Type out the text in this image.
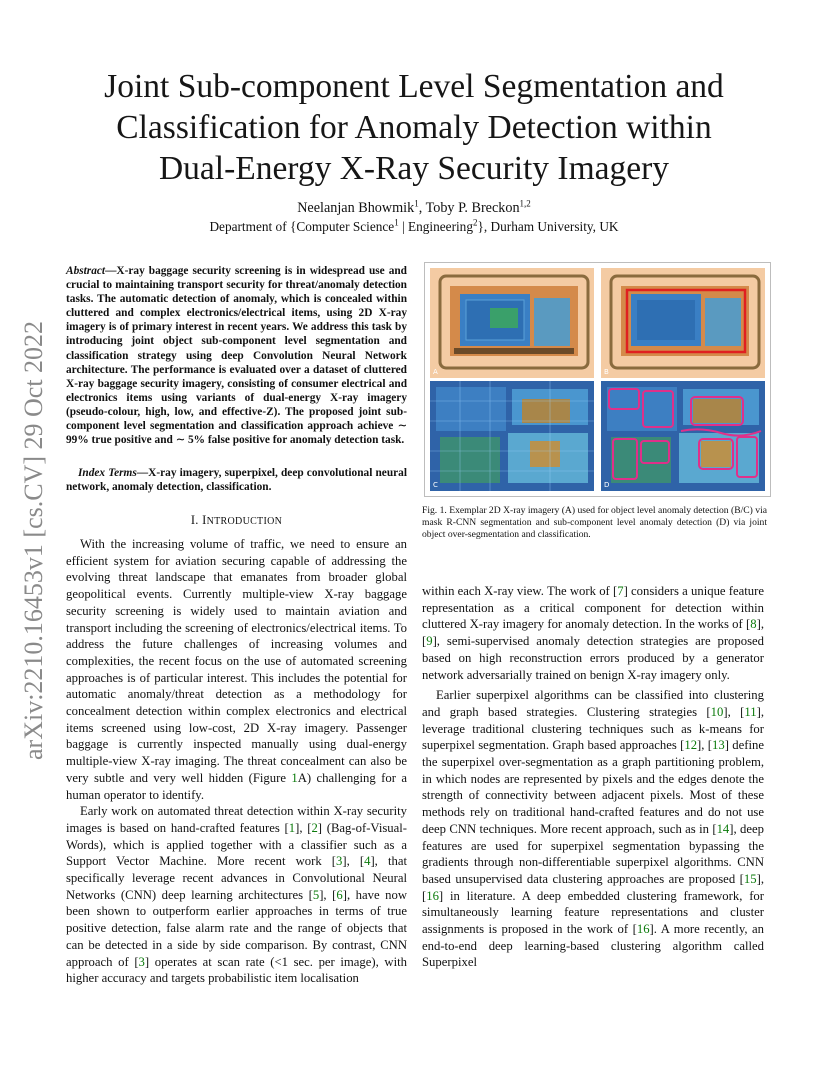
Joint Sub-component Level Segmentation and
Classification for Anomaly Detection within
Dual-Energy X-Ray Security Imagery
Neelanjan Bhowmik$^1$, Toby P. Breckon$^{1,2}$
Department of {Computer Science$^1$ | Engineering$^2$}, Durham University, UK
arXiv:2210.16453v1 [cs.CV] 29 Oct 2022
Abstract—X-ray baggage security screening is in widespread use and crucial to maintaining transport security for threat/anomaly detection tasks. The automatic detection of anomaly, which is concealed within cluttered and complex electronics/electrical items, using 2D X-ray imagery is of primary interest in recent years. We address this task by introducing joint object sub-component level segmentation and classification strategy using deep Convolution Neural Network architecture. The performance is evaluated over a dataset of cluttered X-ray baggage security imagery, consisting of consumer electrical and electronics items using variants of dual-energy X-ray imagery (pseudo-colour, high, low, and effective-Z). The proposed joint sub-component level segmentation and classification approach achieve ∼ 99% true positive and ∼ 5% false positive for anomaly detection task.
Index Terms—X-ray imagery, superpixel, deep convolutional neural network, anomaly detection, classification.
I. INTRODUCTION

With the increasing volume of traffic, we need to ensure an efficient system for aviation securing capable of addressing the evolving threat landscape that emanates from broader global geopolitical events. Currently multiple-view X-ray baggage security screening is widely used to maintain aviation and transport including the screening of electronics/electrical items. To address the future challenges of increasing volumes and complexities, the recent focus on the use of automated screening approaches is of particular interest. This includes the potential for automatic anomaly/threat detection as a methodology for concealment detection within complex electronics and electrical items screened using low-cost, 2D X-ray imagery. Passenger baggage is currently inspected manually using dual-energy multiple-view X-ray imaging. The threat concealment can also be very subtle and very well hidden (Figure 1A) challenging for a human operator to identify.

Early work on automated threat detection within X-ray security images is based on hand-crafted features [1], [2] (Bag-of-Visual-Words), which is applied together with a classifier such as a Support Vector Machine. More recent work [3], [4], that specifically leverage recent advances in Convolutional Neural Networks (CNN) deep learning architectures [5], [6], have now been shown to outperform earlier approaches in terms of true positive detection, false alarm rate and the range of objects that can be detected in a side by side comparison. By contrast, CNN approach of [3] operates at scan rate (<1 sec. per image), with higher accuracy and targets probabilistic item localisation

A	B
C	D
Fig. 1. Exemplar 2D X-ray imagery (A) used for object level anomaly detection (B/C) via mask R-CNN segmentation and sub-component level anomaly detection (D) via joint object over-segmentation and classification.

within each X-ray view. The work of [7] considers a unique feature representation as a critical component for detection within cluttered X-ray imagery for anomaly detection. In the works of [8], [9], semi-supervised anomaly detection strategies are proposed based on high reconstruction errors produced by a generator network adversarially trained on benign X-ray imagery only.

Earlier superpixel algorithms can be classified into clustering and graph based strategies. Clustering strategies [10], [11], leverage traditional clustering techniques such as k-means for superpixel segmentation. Graph based approaches [12], [13] define the superpixel over-segmentation as a graph partitioning problem, in which nodes are represented by pixels and the edges denote the strength of connectivity between adjacent pixels. Most of these methods rely on traditional hand-crafted features and do not use deep CNN techniques. More recent approach, such as in [14], deep features are used for superpixel segmentation bypassing the gradients through non-differentiable superpixel algorithms. CNN based unsupervised data clustering approaches are proposed [15], [16] in literature. A deep embedded clustering framework, for simultaneously learning feature representations and cluster assignments is proposed in the work of [16]. A more recently, an end-to-end deep learning-based clustering algorithm called Superpixel
